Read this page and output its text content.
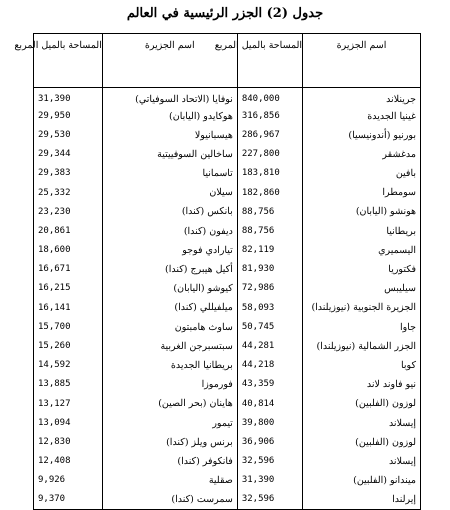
جدول (2) الجزر الرئيسية في العالم
اسم الجزيرة	المساحة بالميل المربع	اسم الجزيرة	المساحة بالميل المربع
جرينلاند	840,000	نوفايا (الاتحاد السوفياتي)	31,390
غينيا الجديدة	316,856	هوكايدو (اليابان)	29,950
بورنيو (أندونيسيا)	286,967	هيسبانيولا	29,530
مدغشقر	227,800	ساخالين السوفييتية	29,344
بافين	183,810	تاسمانيا	29,383
سومطرا	182,860	سيلان	25,332
هونشو (اليابان)	88,756	بانكس (كندا)	23,230
بريطانيا	88,756	ديفون (كندا)	20,861
اليسميري	82,119	تيارادي فوجو	18,600
فكتوريا	81,930	أكيل هيبرج (كندا)	16,671
سيليبس	72,986	كيوشو (اليابان)	16,215
الجزيرة الجنوبية (نيوزيلندا)	58,093	ميلفيللي (كندا)	16,141
جاوا	50,745	ساوث هامبتون	15,700
الجزر الشمالية (نيوزيلندا)	44,281	سبتسبرجن الغربية	15,260
كوبا	44,218	بريطانيا الجديدة	14,592
نيو فاوند لاند	43,359	فورموزا	13,885
لوزون (الفلبين)	40,814	هاينان (بحر الصين)	13,127
إيسلاند	39,800	تيمور	13,094
لوزون (الفلبين)	36,906	برنس ويلز (كندا)	12,830
إيسلاند	32,596	فانكوفر (كندا)	12,408
ميندانو (الفلبين)	31,390	صقلية	9,926
إيرلندا	32,596	سمرست (كندا)	9,370
